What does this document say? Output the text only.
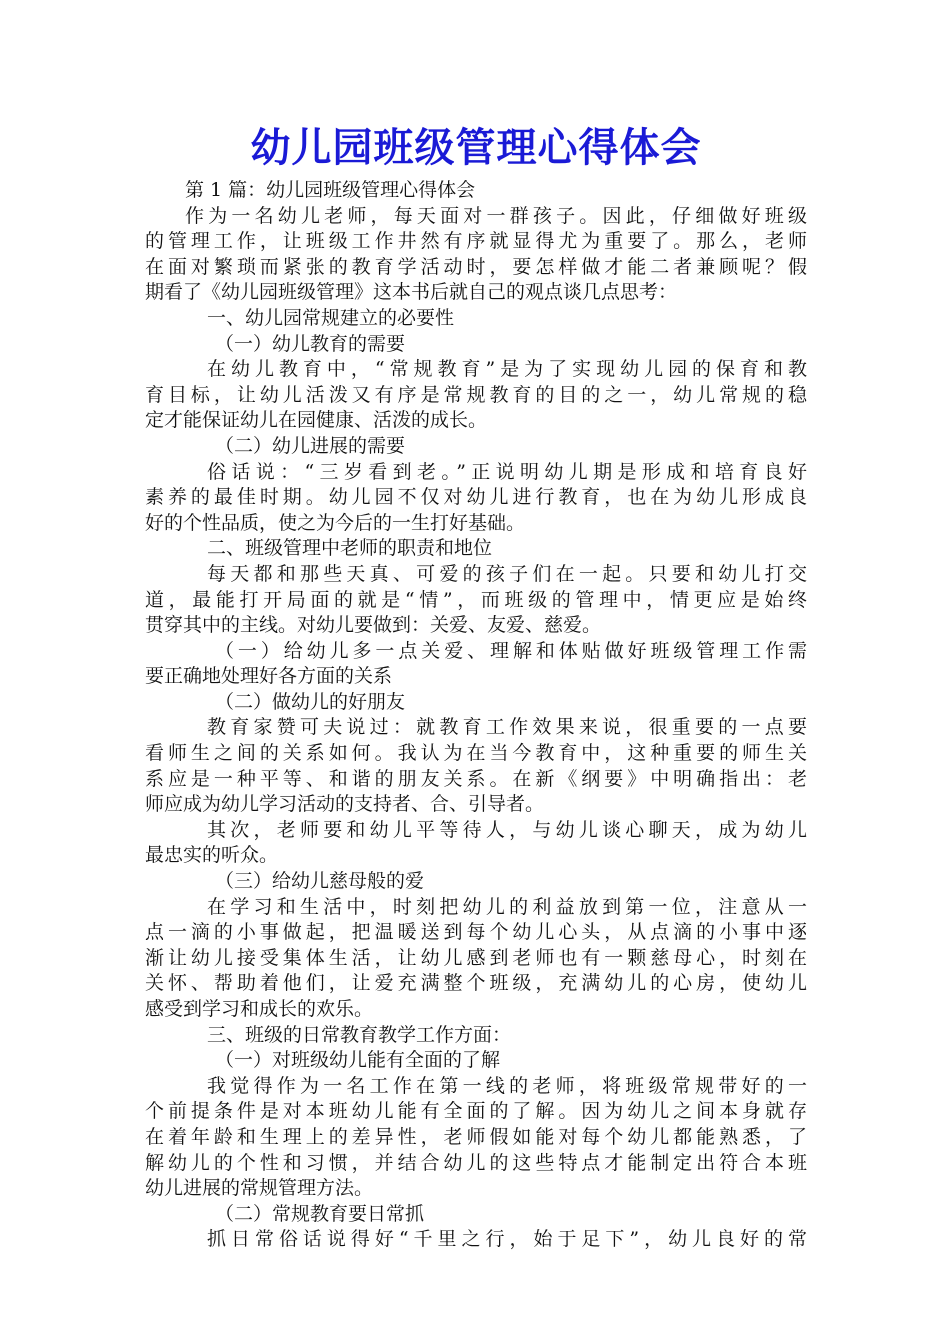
幼儿园班级管理心得体会

第 1 篇：幼儿园班级管理心得体会

作为一名幼儿老师，每天面对一群孩子。因此，仔细做好班级

的管理工作，让班级工作井然有序就显得尤为重要了。那么，老师

在面对繁琐而紧张的教育学活动时，要怎样做才能二者兼顾呢？假

期看了《幼儿园班级管理》这本书后就自己的观点谈几点思考：

一、幼儿园常规建立的必要性

（一）幼儿教育的需要

在幼儿教育中，“常规教育”是为了实现幼儿园的保育和教

育目标，让幼儿活泼又有序是常规教育的目的之一，幼儿常规的稳

定才能保证幼儿在园健康、活泼的成长。

（二）幼儿进展的需要

俗话说：“三岁看到老。”正说明幼儿期是形成和培育良好

素养的最佳时期。幼儿园不仅对幼儿进行教育，也在为幼儿形成良

好的个性品质，使之为今后的一生打好基础。

二、班级管理中老师的职责和地位

每天都和那些天真、可爱的孩子们在一起。只要和幼儿打交

道，最能打开局面的就是“情”，而班级的管理中，情更应是始终

贯穿其中的主线。对幼儿要做到：关爱、友爱、慈爱。

（一）给幼儿多一点关爱、理解和体贴做好班级管理工作需

要正确地处理好各方面的关系

（二）做幼儿的好朋友

教育家赞可夫说过：就教育工作效果来说，很重要的一点要

看师生之间的关系如何。我认为在当今教育中，这种重要的师生关

系应是一种平等、和谐的朋友关系。在新《纲要》中明确指出：老

师应成为幼儿学习活动的支持者、合、引导者。

其次，老师要和幼儿平等待人，与幼儿谈心聊天，成为幼儿

最忠实的听众。

（三）给幼儿慈母般的爱

在学习和生活中，时刻把幼儿的利益放到第一位，注意从一

点一滴的小事做起，把温暖送到每个幼儿心头，从点滴的小事中逐

渐让幼儿接受集体生活，让幼儿感到老师也有一颗慈母心，时刻在

关怀、帮助着他们，让爱充满整个班级，充满幼儿的心房，使幼儿

感受到学习和成长的欢乐。

三、班级的日常教育教学工作方面：

（一）对班级幼儿能有全面的了解

我觉得作为一名工作在第一线的老师，将班级常规带好的一

个前提条件是对本班幼儿能有全面的了解。因为幼儿之间本身就存

在着年龄和生理上的差异性，老师假如能对每个幼儿都能熟悉，了

解幼儿的个性和习惯，并结合幼儿的这些特点才能制定出符合本班

幼儿进展的常规管理方法。

（二）常规教育要日常抓

抓日常俗话说得好“千里之行，始于足下”，幼儿良好的常
